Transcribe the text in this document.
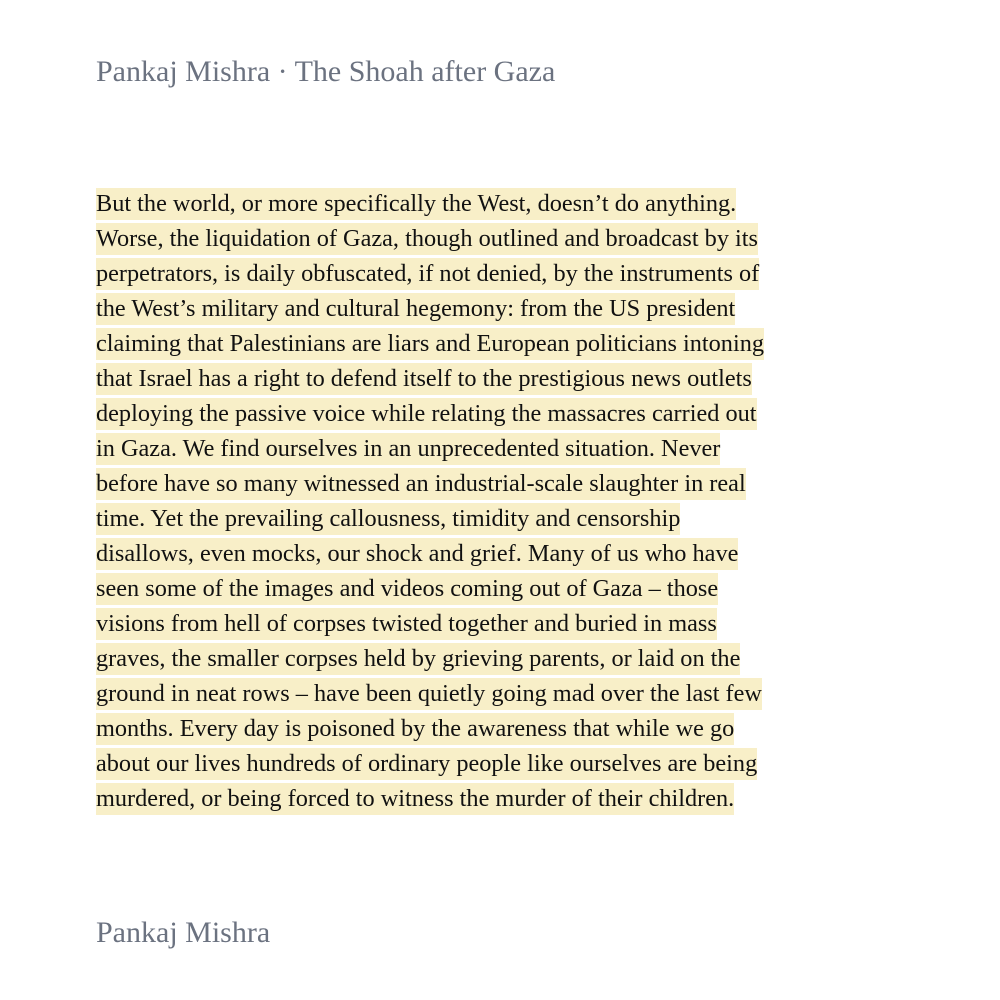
Pankaj Mishra · The Shoah after Gaza
But the world, or more specifically the West, doesn’t do anything.
Worse, the liquidation of Gaza, though outlined and broadcast by its
perpetrators, is daily obfuscated, if not denied, by the instruments of
the West’s military and cultural hegemony: from the US president
claiming that Palestinians are liars and European politicians intoning
that Israel has a right to defend itself to the prestigious news outlets
deploying the passive voice while relating the massacres carried out
in Gaza. We find ourselves in an unprecedented situation. Never
before have so many witnessed an industrial-scale slaughter in real
time. Yet the prevailing callousness, timidity and censorship
disallows, even mocks, our shock and grief. Many of us who have
seen some of the images and videos coming out of Gaza – those
visions from hell of corpses twisted together and buried in mass
graves, the smaller corpses held by grieving parents, or laid on the
ground in neat rows – have been quietly going mad over the last few
months. Every day is poisoned by the awareness that while we go
about our lives hundreds of ordinary people like ourselves are being
murdered, or being forced to witness the murder of their children.
Pankaj Mishra
